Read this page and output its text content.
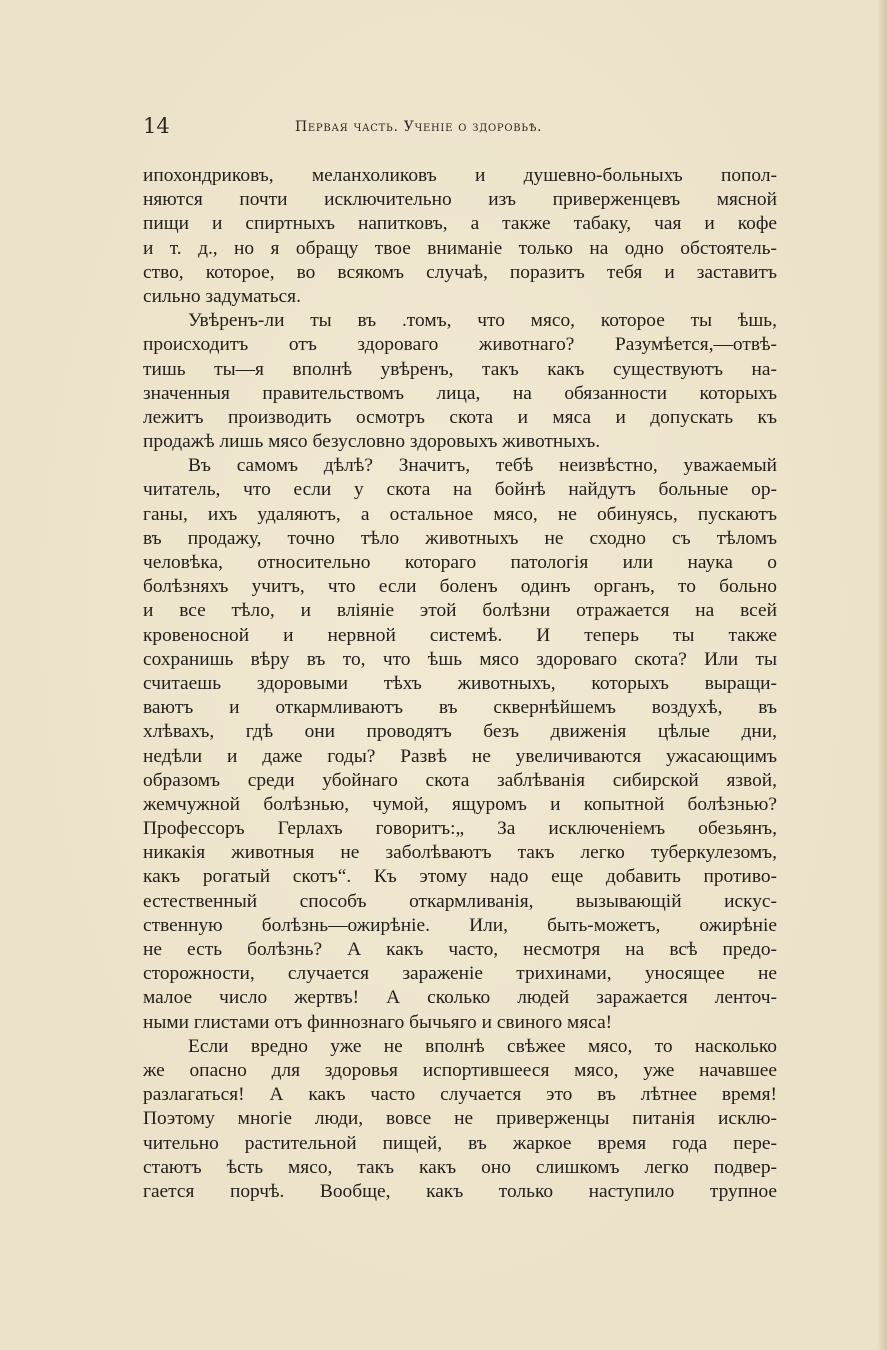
14	Первая часть. Ученіе о здоровьѣ.
ипохондриковъ, меланхоликовъ и душевно-больныхъ попол-
няются почти исключительно изъ приверженцевъ мясной
пищи и спиртныхъ напитковъ, а также табаку, чая и кофе
и т. д., но я обращу твое вниманіе только на одно обстоятель-
ство, которое, во всякомъ случаѣ, поразитъ тебя и заставитъ
сильно задуматься.
Увѣренъ-ли ты въ .томъ, что мясо, которое ты ѣшь,
происходитъ отъ здороваго животнаго? Разумѣется,—отвѣ-
тишь ты—я вполнѣ увѣренъ, такъ какъ существуютъ на-
значенныя правительствомъ лица, на обязанности которыхъ
лежитъ производить осмотръ скота и мяса и допускать къ
продажѣ лишь мясо безусловно здоровыхъ животныхъ.
Въ самомъ дѣлѣ? Значитъ, тебѣ неизвѣстно, уважаемый
читатель, что если у скота на бойнѣ найдутъ больные ор-
ганы, ихъ удаляютъ, а остальное мясо, не обинуясь, пускаютъ
въ продажу, точно тѣло животныхъ не сходно съ тѣломъ
человѣка, относительно котораго патологія или наука о
болѣзняхъ учитъ, что если боленъ одинъ органъ, то больно
и все тѣло, и вліяніе этой болѣзни отражается на всей
кровеносной и нервной системѣ. И теперь ты также
сохранишь вѣру въ то, что ѣшь мясо здороваго скота? Или ты
считаешь здоровыми тѣхъ животныхъ, которыхъ выращи-
ваютъ и откармливаютъ въ сквернѣйшемъ воздухѣ, въ
хлѣвахъ, гдѣ они проводятъ безъ движенія цѣлые дни,
недѣли и даже годы? Развѣ не увеличиваются ужасающимъ
образомъ среди убойнаго скота заблѣванія сибирской язвой,
жемчужной болѣзнью, чумой, ящуромъ и копытной болѣзнью?
Профессоръ Герлахъ говоритъ:„ За исключеніемъ обезьянъ,
никакія животныя не заболѣваютъ такъ легко туберкулезомъ,
какъ рогатый скотъ“. Къ этому надо еще добавить противо-
естественный способъ откармливанія, вызывающій искус-
ственную болѣзнь—ожирѣніе. Или, быть-можетъ, ожирѣніе
не есть болѣзнь? А какъ часто, несмотря на всѣ предо-
сторожности, случается зараженіе трихинами, уносящее не
малое число жертвъ! А сколько людей заражается ленточ-
ными глистами отъ финнознаго бычьяго и свиного мяса!
Если вредно уже не вполнѣ свѣжее мясо, то насколько
же опасно для здоровья испортившееся мясо, уже начавшее
разлагаться! А какъ часто случается это въ лѣтнее время!
Поэтому многіе люди, вовсе не приверженцы питанія исклю-
чительно растительной пищей, въ жаркое время года пере-
стаютъ ѣсть мясо, такъ какъ оно слишкомъ легко подвер-
гается порчѣ. Вообще, какъ только наступило трупное
